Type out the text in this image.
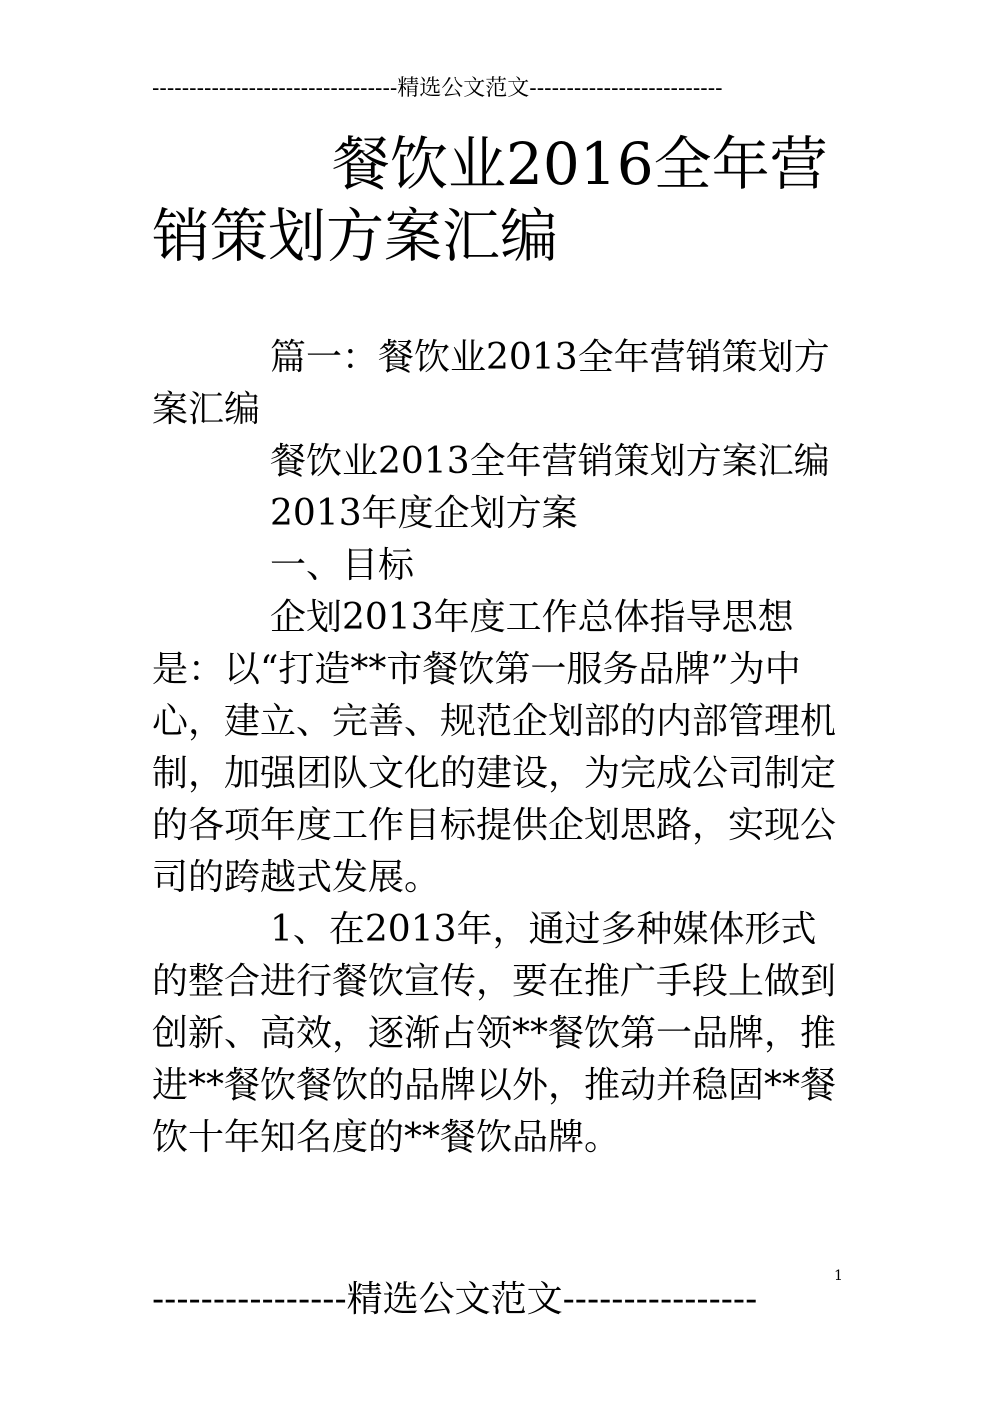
---------------------------------精选公文范文--------------------------
餐饮业2016全年营销策划方案汇编

篇一：餐饮业2013全年营销策划方案汇编

餐饮业2013全年营销策划方案汇编

2013年度企划方案

一、目标

企划2013年度工作总体指导思想是：以“打造**市餐饮第一服务品牌”为中心，建立、完善、规范企划部的内部管理机制，加强团队文化的建设，为完成公司制定的各项年度工作目标提供企划思路，实现公司的跨越式发展。

1、在2013年，通过多种媒体形式的整合进行餐饮宣传，要在推广手段上做到创新、高效，逐渐占领**餐饮第一品牌，推进**餐饮餐饮的品牌以外，推动并稳固**餐饮十年知名度的**餐饮品牌。

1
----------------精选公文范文----------------
